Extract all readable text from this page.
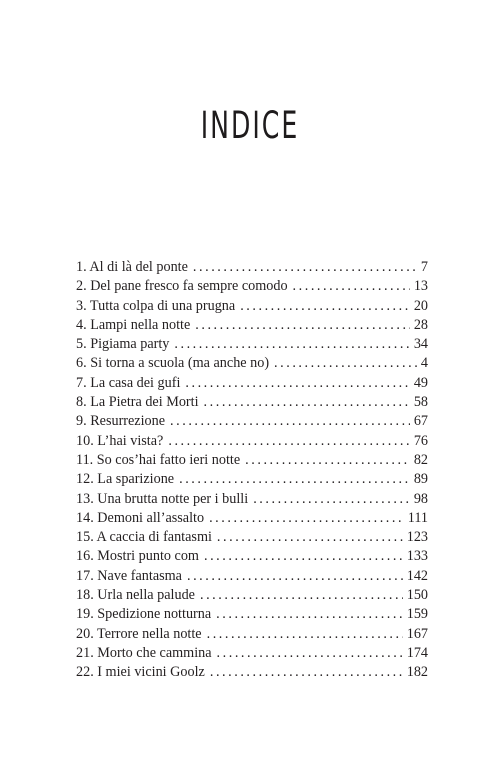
INDICE
1. Al di là del ponte . . .	7
2. Del pane fresco fa sempre comodo . . .	13
3. Tutta colpa di una prugna . . .	20
4. Lampi nella notte . . .	28
5. Pigiama party . . .	34
6. Si torna a scuola (ma anche no) . . .	4
7. La casa dei gufi . . .	49
8. La Pietra dei Morti . . .	58
9. Resurrezione . . .	67
10. L’hai vista? . . .	76
11. So cos’hai fatto ieri notte . . .	82
12. La sparizione . . .	89
13. Una brutta notte per i bulli . . .	98
14. Demoni all’assalto . . .	111
15. A caccia di fantasmi . . .	123
16. Mostri punto com . . .	133
17. Nave fantasma . . .	142
18. Urla nella palude . . .	150
19. Spedizione notturna . . .	159
20. Terrore nella notte . . .	167
21. Morto che cammina . . .	174
22. I miei vicini Goolz . . .	182
